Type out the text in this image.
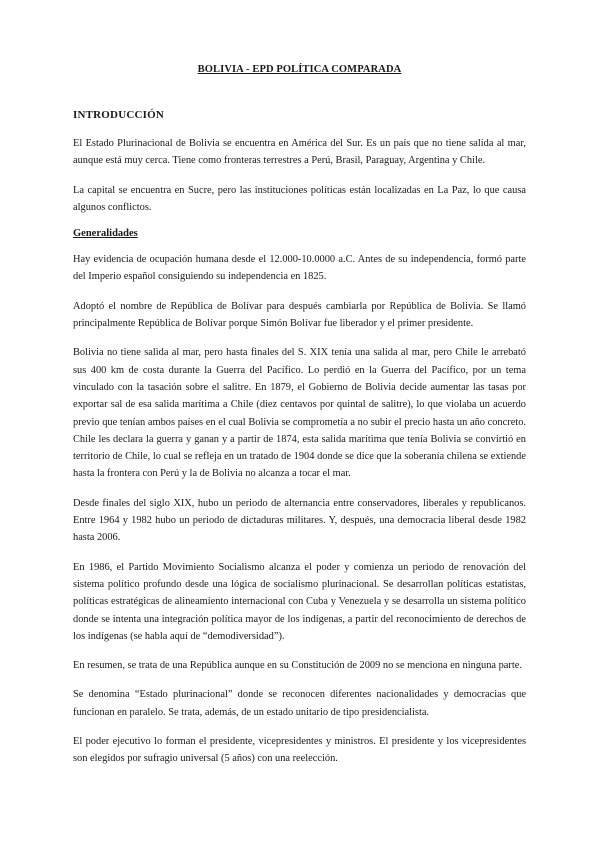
BOLIVIA - EPD POLÍTICA COMPARADA
INTRODUCCIÓN

El Estado Plurinacional de Bolivia se encuentra en América del Sur. Es un país que no tiene salida al mar, aunque está muy cerca. Tiene como fronteras terrestres a Perú, Brasil, Paraguay, Argentina y Chile.

La capital se encuentra en Sucre, pero las instituciones políticas están localizadas en La Paz, lo que causa algunos conflictos.

Generalidades

Hay evidencia de ocupación humana desde el 12.000-10.0000 a.C. Antes de su independencia, formó parte del Imperio español consiguiendo su independencia en 1825.

Adoptó el nombre de República de Bolívar para después cambiarla por República de Bolivia. Se llamó principalmente República de Bolívar porque Simón Bolívar fue liberador y el primer presidente.

Bolivia no tiene salida al mar, pero hasta finales del S. XIX tenía una salida al mar, pero Chile le arrebató sus 400 km de costa durante la Guerra del Pacífico. Lo perdió en la Guerra del Pacífico, por un tema vinculado con la tasación sobre el salitre. En 1879, el Gobierno de Bolivia decide aumentar las tasas por exportar sal de esa salida marítima a Chile (diez centavos por quintal de salitre), lo que violaba un acuerdo previo que tenían ambos países en el cual Bolivia se comprometía a no subir el precio hasta un año concreto. Chile les declara la guerra y ganan y a partir de 1874, esta salida marítima que tenía Bolivia se convirtió en territorio de Chile, lo cual se refleja en un tratado de 1904 donde se dice que la soberanía chilena se extiende hasta la frontera con Perú y la de Bolivia no alcanza a tocar el mar.

Desde finales del siglo XIX, hubo un periodo de alternancia entre conservadores, liberales y republicanos. Entre 1964 y 1982 hubo un periodo de dictaduras militares. Y, después, una democracia liberal desde 1982 hasta 2006.

En 1986, el Partido Movimiento Socialismo alcanza el poder y comienza un periodo de renovación del sistema político profundo desde una lógica de socialismo plurinacional. Se desarrollan políticas estatistas, políticas estratégicas de alineamiento internacional con Cuba y Venezuela y se desarrolla un sistema político donde se intenta una integración política mayor de los indígenas, a partir del reconocimiento de derechos de los indígenas (se habla aquí de “demodiversidad”).

En resumen, se trata de una República aunque en su Constitución de 2009 no se menciona en ninguna parte.

Se denomina “Estado plurinacional” donde se reconocen diferentes nacionalidades y democracias que funcionan en paralelo. Se trata, además, de un estado unitario de tipo presidencialista.

El poder ejecutivo lo forman el presidente, vicepresidentes y ministros. El presidente y los vicepresidentes son elegidos por sufragio universal (5 años) con una reelección.
